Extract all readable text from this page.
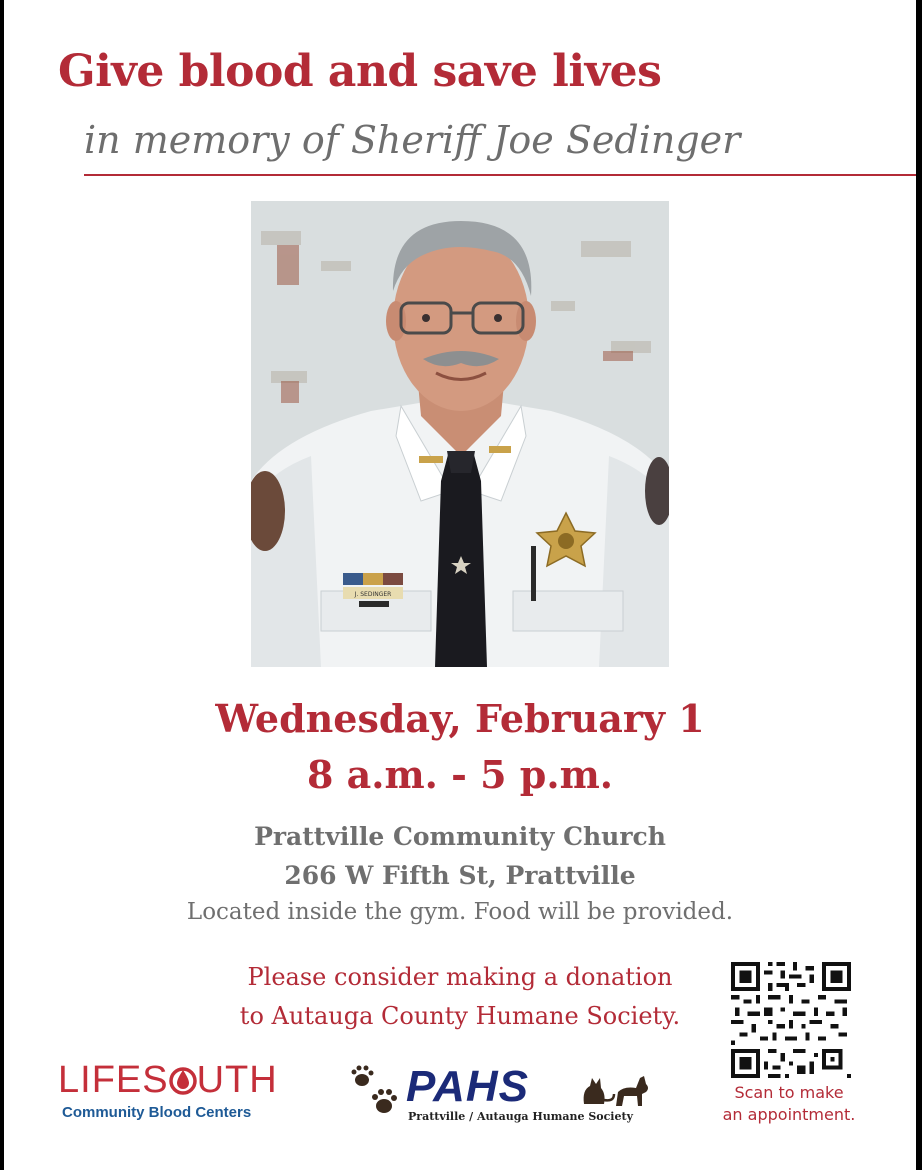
Give blood and save lives
in memory of Sheriff Joe Sedinger
J. SEDINGER
Wednesday, February 1
8 a.m. - 5 p.m.
Prattville Community Church
266 W Fifth St, Prattville
Located inside the gym. Food will be provided.
Please consider making a donation
to Autauga County Humane Society.
Scan to make
an appointment.
LIFES UTH
Community Blood Centers
PAHS
Prattville / Autauga Humane Society
